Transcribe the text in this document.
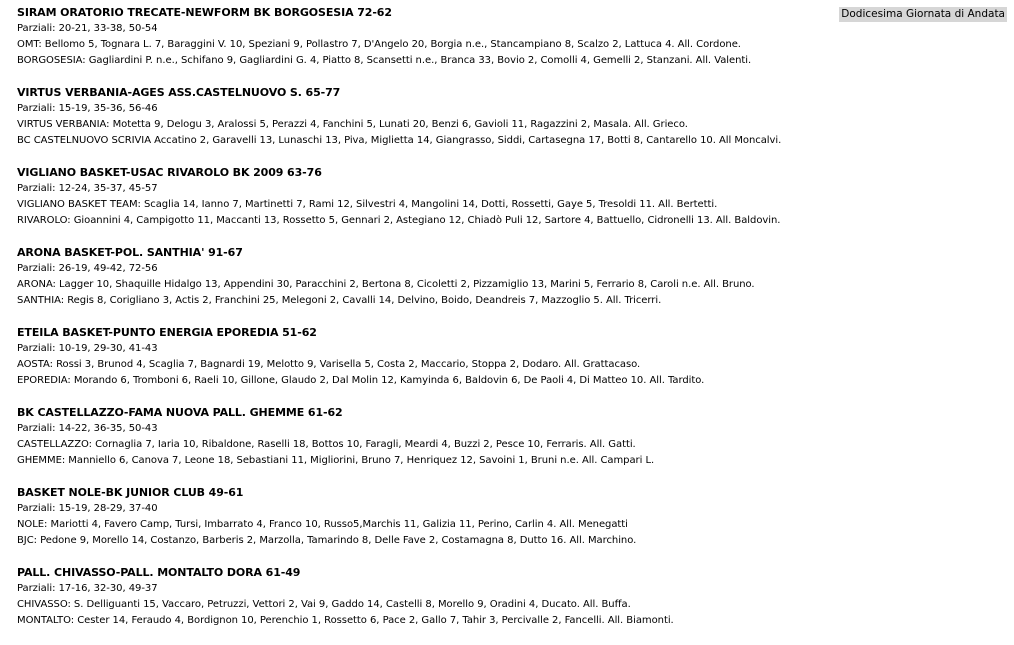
Dodicesima Giornata di Andata
SIRAM ORATORIO TRECATE-NEWFORM BK BORGOSESIA 72-62
Parziali: 20-21, 33-38, 50-54
OMT: Bellomo 5, Tognara L. 7, Baraggini V. 10, Speziani 9, Pollastro 7, D'Angelo 20, Borgia n.e., Stancampiano 8, Scalzo 2, Lattuca 4. All. Cordone.
BORGOSESIA: Gagliardini P. n.e., Schifano 9, Gagliardini G. 4, Piatto 8, Scansetti n.e., Branca 33, Bovio 2, Comolli 4, Gemelli 2, Stanzani. All. Valenti.
VIRTUS VERBANIA-AGES ASS.CASTELNUOVO S. 65-77
Parziali: 15-19, 35-36, 56-46
VIRTUS VERBANIA: Motetta 9, Delogu 3, Aralossi 5, Perazzi 4, Fanchini 5, Lunati 20, Benzi 6, Gavioli 11, Ragazzini 2, Masala. All. Grieco.
BC CASTELNUOVO SCRIVIA Accatino 2, Garavelli 13, Lunaschi 13, Piva, Miglietta 14, Giangrasso, Siddi, Cartasegna 17, Botti 8, Cantarello 10. All Moncalvi.
VIGLIANO BASKET-USAC RIVAROLO BK 2009 63-76
Parziali: 12-24, 35-37, 45-57
VIGLIANO BASKET TEAM: Scaglia 14, Ianno 7, Martinetti 7, Rami 12, Silvestri 4, Mangolini 14, Dotti, Rossetti, Gaye 5, Tresoldi 11. All. Bertetti.
RIVAROLO: Gioannini 4, Campigotto 11, Maccanti 13, Rossetto 5, Gennari 2, Astegiano 12, Chiadò Puli 12, Sartore 4, Battuello, Cidronelli 13. All. Baldovin.
ARONA BASKET-POL. SANTHIA' 91-67
Parziali: 26-19, 49-42, 72-56
ARONA: Lagger 10, Shaquille Hidalgo 13, Appendini 30, Paracchini 2, Bertona 8, Cicoletti 2, Pizzamiglio 13, Marini 5, Ferrario 8, Caroli n.e. All. Bruno.
SANTHIA: Regis 8, Corigliano 3, Actis 2, Franchini 25, Melegoni 2, Cavalli 14, Delvino, Boido, Deandreis 7, Mazzoglio 5. All. Tricerri.
ETEILA BASKET-PUNTO ENERGIA EPOREDIA 51-62
Parziali: 10-19, 29-30, 41-43
AOSTA: Rossi 3, Brunod 4, Scaglia 7, Bagnardi 19, Melotto 9, Varisella 5, Costa 2, Maccario, Stoppa 2, Dodaro. All. Grattacaso.
EPOREDIA: Morando 6, Tromboni 6, Raeli 10, Gillone, Glaudo 2, Dal Molin 12, Kamyinda 6, Baldovin 6, De Paoli 4, Di Matteo 10. All. Tardito.
BK CASTELLAZZO-FAMA NUOVA PALL. GHEMME 61-62
Parziali: 14-22, 36-35, 50-43
CASTELLAZZO: Cornaglia 7, Iaria 10, Ribaldone, Raselli 18, Bottos 10, Faragli, Meardi 4, Buzzi 2, Pesce 10, Ferraris. All. Gatti.
GHEMME: Manniello 6, Canova 7, Leone 18, Sebastiani 11, Migliorini, Bruno 7, Henriquez 12, Savoini 1, Bruni n.e. All. Campari L.
BASKET NOLE-BK JUNIOR CLUB 49-61
Parziali: 15-19, 28-29, 37-40
NOLE: Mariotti 4, Favero Camp, Tursi, Imbarrato 4, Franco 10, Russo5,Marchis 11, Galizia 11, Perino, Carlin 4. All. Menegatti
BJC: Pedone 9, Morello 14, Costanzo, Barberis 2, Marzolla, Tamarindo 8, Delle Fave 2, Costamagna 8, Dutto 16. All. Marchino.
PALL. CHIVASSO-PALL. MONTALTO DORA 61-49
Parziali: 17-16, 32-30, 49-37
CHIVASSO: S. Delliguanti 15, Vaccaro, Petruzzi, Vettori 2, Vai 9, Gaddo 14, Castelli 8, Morello 9, Oradini 4, Ducato. All. Buffa.
MONTALTO: Cester 14, Feraudo 4, Bordignon 10, Perenchio 1, Rossetto 6, Pace 2, Gallo 7, Tahir 3, Percivalle 2, Fancelli. All. Biamonti.
